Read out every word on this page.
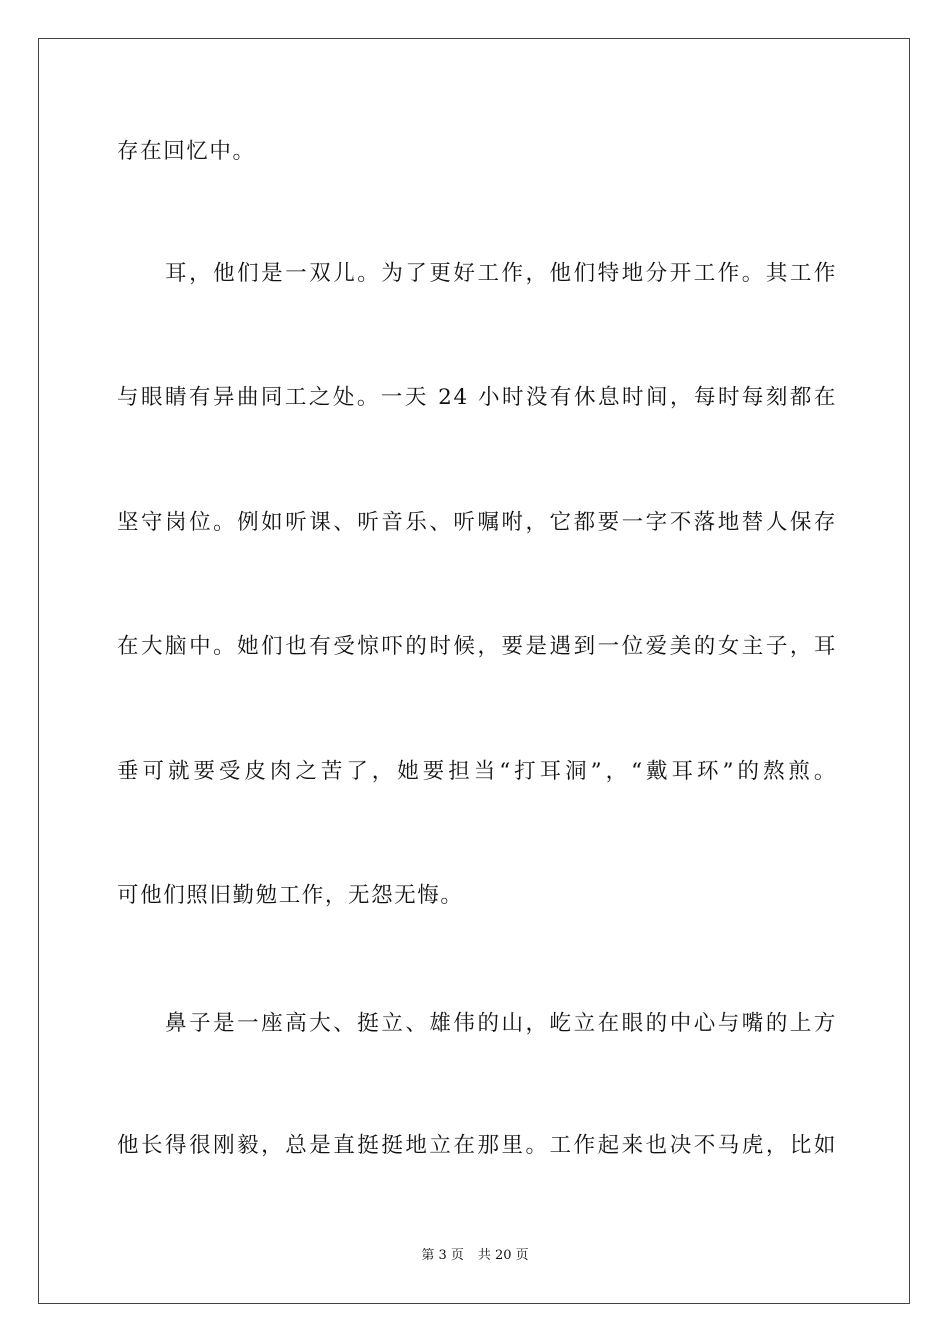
存在回忆中。
　　耳，他们是一双儿。为了更好工作，他们特地分开工作。其工作
与眼睛有异曲同工之处。一天 24 小时没有休息时间，每时每刻都在
坚守岗位。例如听课、听音乐、听嘱咐，它都要一字不落地替人保存
在大脑中。她们也有受惊吓的时候，要是遇到一位爱美的女主子，耳
垂可就要受皮肉之苦了，她要担当“打耳洞”，“戴耳环”的熬煎。
可他们照旧勤勉工作，无怨无悔。
　　鼻子是一座高大、挺立、雄伟的山，屹立在眼的中心与嘴的上方
他长得很刚毅，总是直挺挺地立在那里。工作起来也决不马虎，比如
第 3 页 共 20 页
